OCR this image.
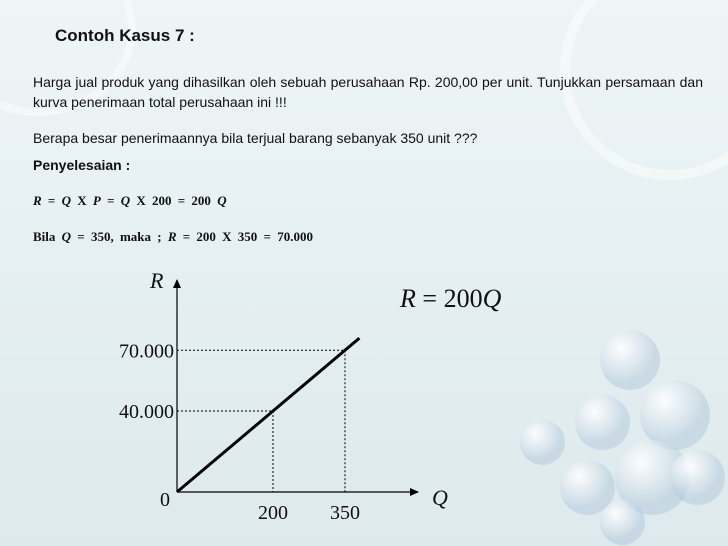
Contoh Kasus 7 :
Harga jual produk yang dihasilkan oleh sebuah perusahaan Rp. 200,00 per unit. Tunjukkan persamaan dan kurva penerimaan total perusahaan ini !!!
Berapa besar penerimaannya bila terjual barang sebanyak 350 unit ???
Penyelesaian :
R = Q X P = Q X 200 = 200 Q
Bila Q = 350, maka ; R = 200 X 350 = 70.000
R
Q
0
R = 200Q
200 350
70.000
40.000
